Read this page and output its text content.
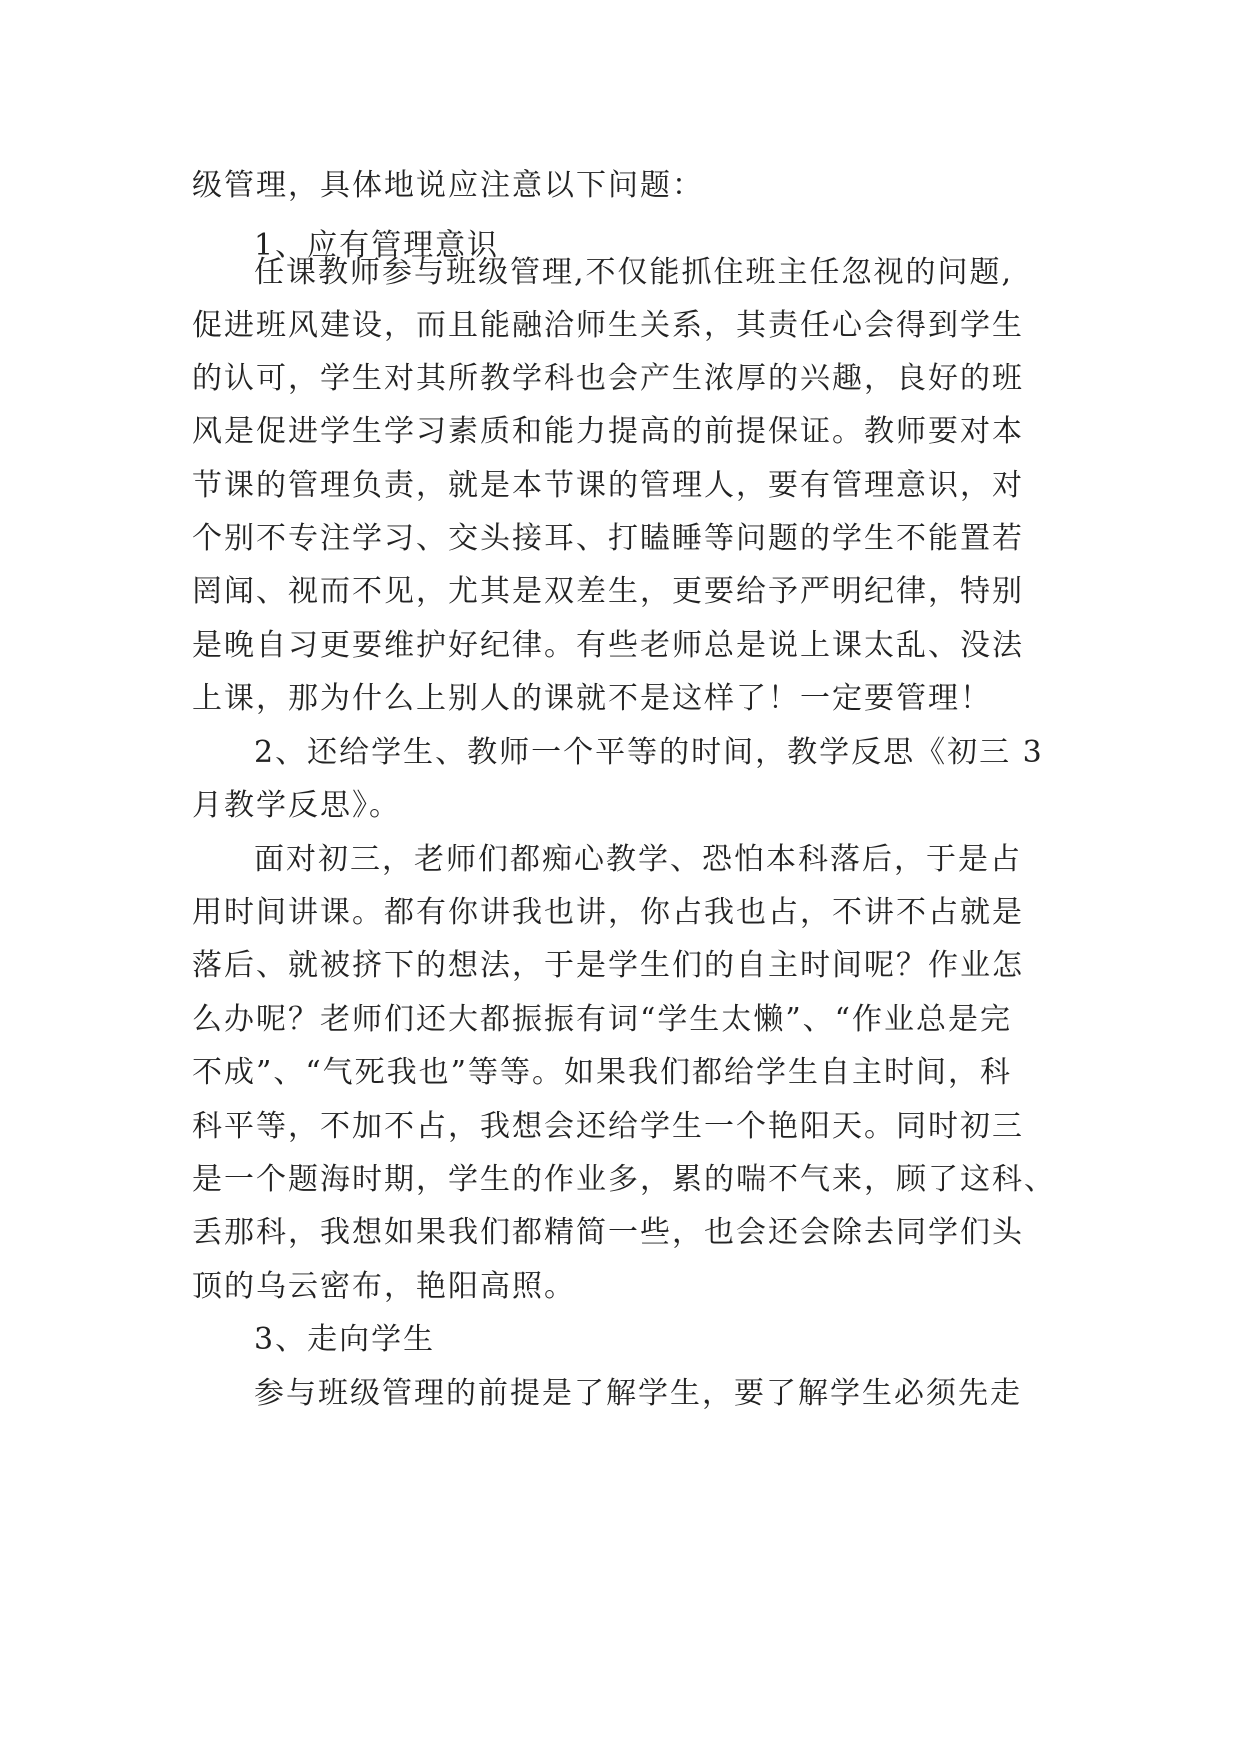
级管理，具体地说应注意以下问题：
1、应有管理意识
任课教师参与班级管理,不仅能抓住班主任忽视的问题,
促进班风建设，而且能融洽师生关系，其责任心会得到学生
的认可，学生对其所教学科也会产生浓厚的兴趣，良好的班
风是促进学生学习素质和能力提高的前提保证。教师要对本
节课的管理负责，就是本节课的管理人，要有管理意识，对
个别不专注学习、交头接耳、打瞌睡等问题的学生不能置若
罔闻、视而不见，尤其是双差生，更要给予严明纪律，特别
是晚自习更要维护好纪律。有些老师总是说上课太乱、没法
上课，那为什么上别人的课就不是这样了！一定要管理！
2、还给学生、教师一个平等的时间，教学反思《初三 3
月教学反思》。
面对初三，老师们都痴心教学、恐怕本科落后，于是占
用时间讲课。都有你讲我也讲，你占我也占，不讲不占就是
落后、就被挤下的想法，于是学生们的自主时间呢？作业怎
么办呢？老师们还大都振振有词“学生太懒”、“作业总是完
不成”、“气死我也”等等。如果我们都给学生自主时间，科
科平等，不加不占，我想会还给学生一个艳阳天。同时初三
是一个题海时期，学生的作业多，累的喘不气来，顾了这科、
丢那科，我想如果我们都精简一些，也会还会除去同学们头
顶的乌云密布，艳阳高照。
3、走向学生
参与班级管理的前提是了解学生，要了解学生必须先走
